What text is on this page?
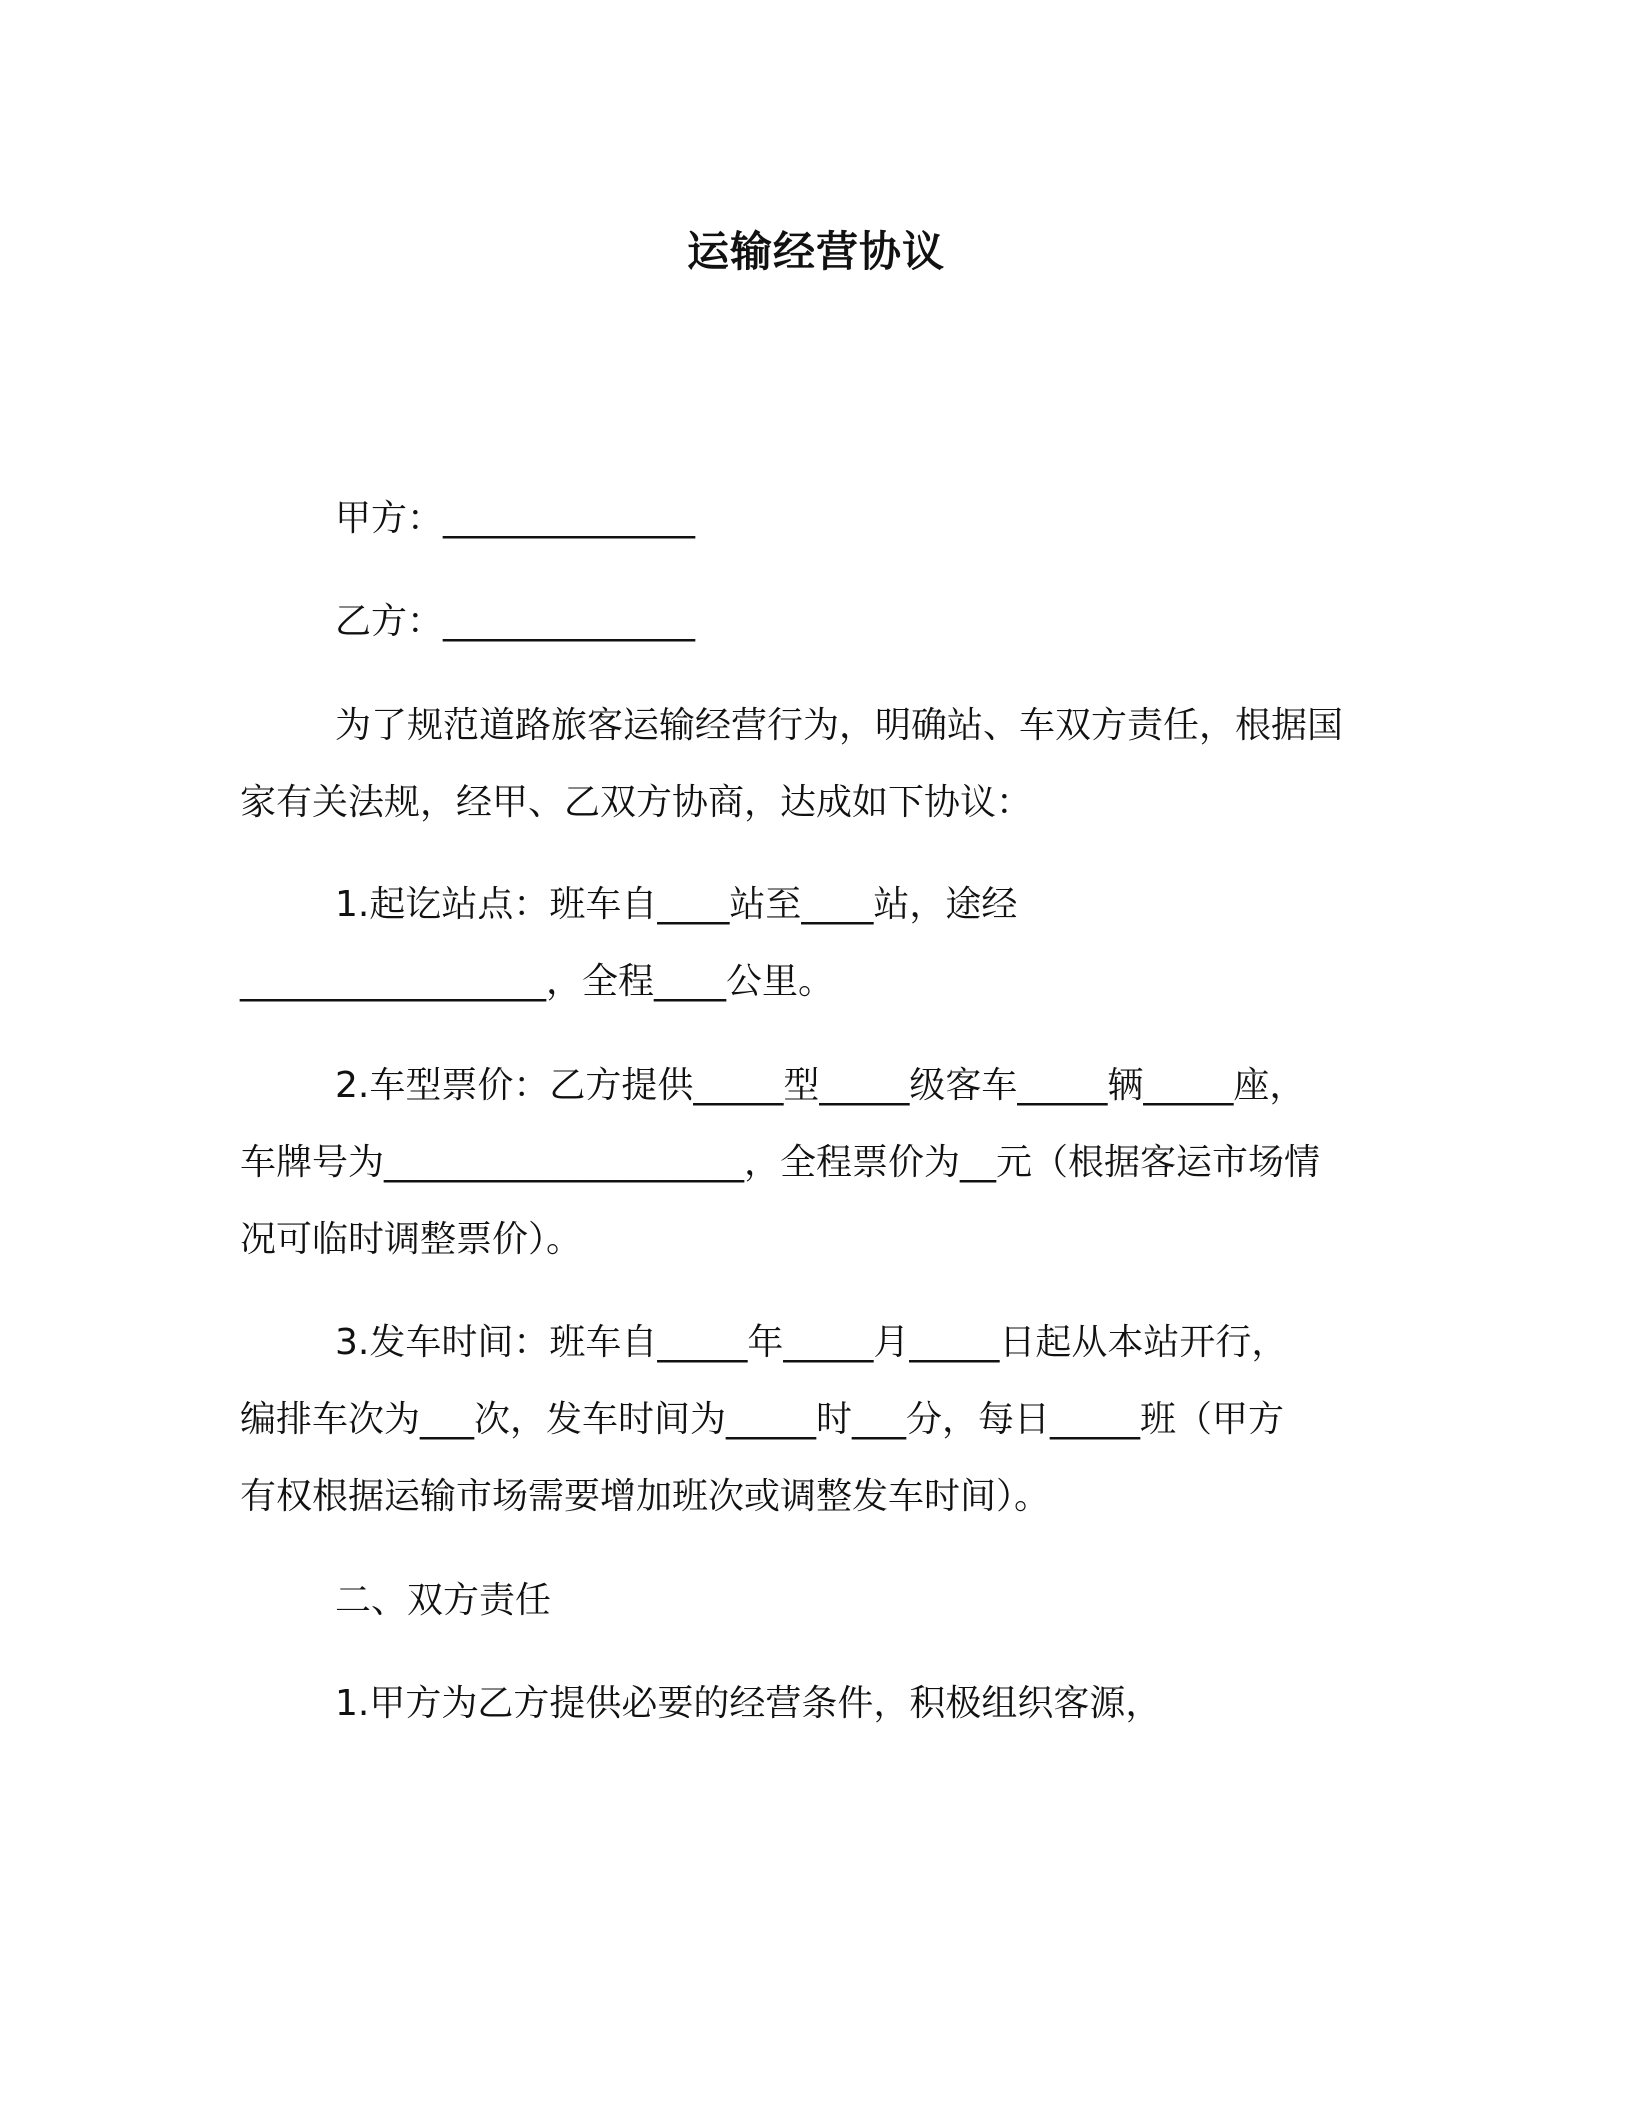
运输经营协议
甲方：______________
乙方：______________
为了规范道路旅客运输经营行为，明确站、车双方责任，根据国
家有关法规，经甲、乙双方协商，达成如下协议：
1.起讫站点：班车自____站至____站，途经
_________________，全程____公里。
2.车型票价：乙方提供_____型_____级客车_____辆_____座，
车牌号为____________________，全程票价为__元（根据客运市场情
况可临时调整票价）。
3.发车时间：班车自_____年_____月_____日起从本站开行，
编排车次为___次，发车时间为_____时___分，每日_____班（甲方
有权根据运输市场需要增加班次或调整发车时间）。
二、双方责任
1.甲方为乙方提供必要的经营条件，积极组织客源，
